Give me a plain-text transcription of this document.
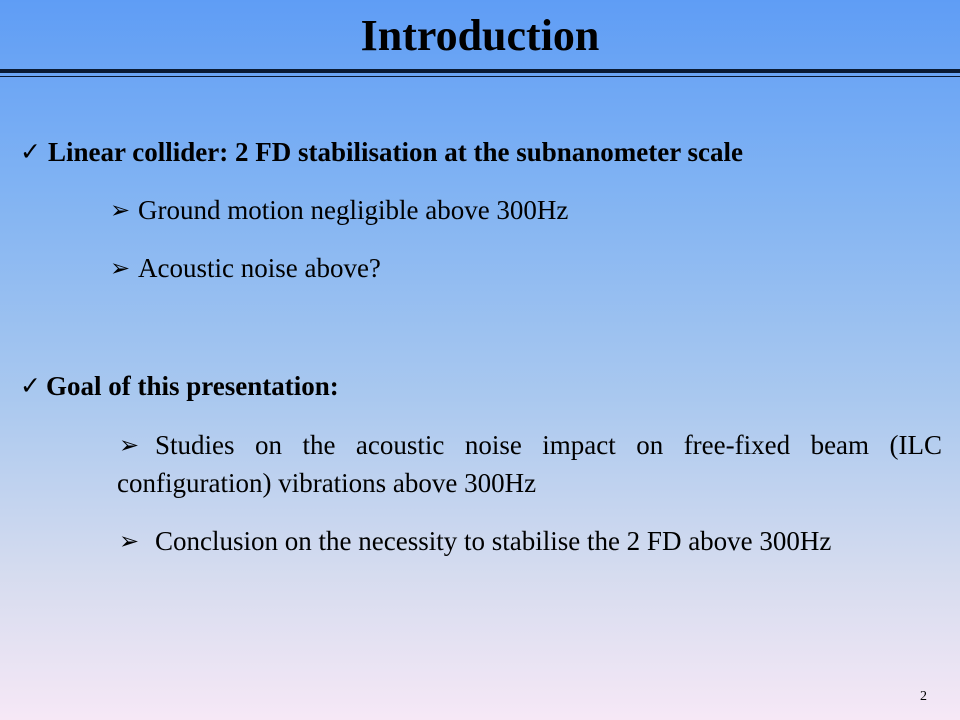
Introduction
✓ Linear collider: 2 FD stabilisation at the subnanometer scale
➢ Ground motion negligible above 300Hz
➢ Acoustic noise above?
✓ Goal of this presentation:
➢ Studies on the acoustic noise impact on free-fixed beam (ILC configuration) vibrations above 300Hz
➢ Conclusion on the necessity to stabilise the 2 FD above 300Hz
2
